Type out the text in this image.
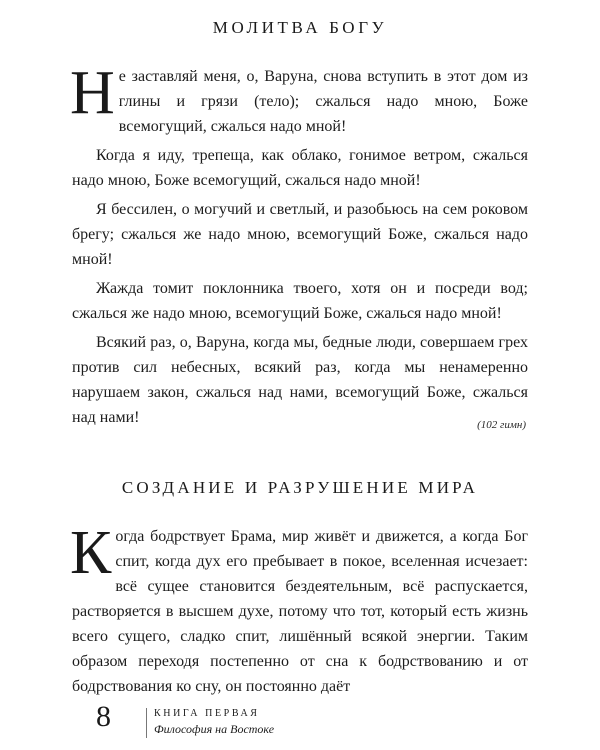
МОЛИТВА БОГУ

Не заставляй меня, о, Варуна, снова вступить в этот дом из глины и грязи (тело); сжалься надо мною, Боже всемогущий, сжалься надо мной!

Когда я иду, трепеща, как облако, гонимое ветром, сжалься надо мною, Боже всемогущий, сжалься надо мной!

Я бессилен, о могучий и светлый, и разобьюсь на сем роковом брегу; сжалься же надо мною, всемогущий Боже, сжалься надо мной!

Жажда томит поклонника твоего, хотя он и посреди вод; сжалься же надо мною, всемогущий Боже, сжалься надо мной!

Всякий раз, о, Варуна, когда мы, бедные люди, совершаем грех против сил небесных, всякий раз, когда мы ненамеренно нарушаем закон, сжалься над нами, всемогущий Боже, сжалься над нами!	(102 гимн)
СОЗДАНИЕ И РАЗРУШЕНИЕ МИРА

Когда бодрствует Брама, мир живёт и движется, а когда Бог спит, когда дух его пребывает в покое, вселенная исчезает: всё сущее становится бездеятельным, всё распускается, растворяется в высшем духе, потому что тот, который есть жизнь всего сущего, сладко спит, лишённый всякой энергии. Таким образом переходя постепенно от сна к бодрствованию и от бодрствования ко сну, он постоянно даёт

8	КНИГА ПЕРВАЯ
Философия на Востоке
